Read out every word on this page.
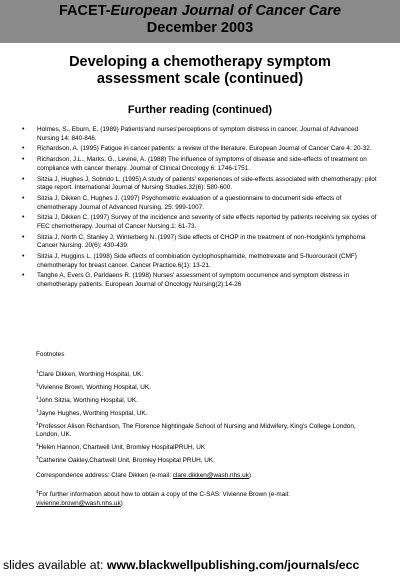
FACET-European Journal of Cancer Care
December 2003
Developing a chemotherapy symptom
assessment scale (continued)
Further reading (continued)
• Holmes, S., Eburn, E. (1989) Patients'and nurses'perceptions of symptom distress in cancer. Journal of Advanced Nursing 14: 840-846.
• Richardson, A. (1995) Fatigue in cancer patients: a review of the literature. European Journal of Cancer Care 4: 20-32.
• Richardson, J.L., Marks, G., Levine, A. (1988) The influence of symptoms of disease and side-effects of treatment on compliance with cancer therapy. Journal of Clinical Oncology 6: 1746-1751.
• Sitzia J, Hughes J, Sobrido L. (1995) A study of patients' experiences of side-effects associated with chemotherapy: pilot stage report. International Journal of Nursing Studies.32(6): 580-600.
• Sitzia J, Dikken C, Hughes J. (1997) Psychometric evaluation of a questionnaire to document side effects of chemotherapy Journal of Advanced Nursing. 25: 999-1007.
• Sitzia J, Dikken C. (1997) Survey of the incidence and severity of side effects reported by patients receiving six cycles of FEC chemotherapy. Journal of Cancer Nursing.1: 61-73.
• Sitzia J, North C, Stanley J, Winterberg N. (1997) Side effects of CHOP in the treatment of non-Hodgkin's lymphoma Cancer Nursing. 20(6): 430-439.
• Sitzia J, Huggins L. (1998) Side effects of combination cyclophosphamide, methotrexate and 5-fluorouracil (CMF) chemotherapy for breast cancer. Cancer Practice.6(1): 13-21.
• Tanghe A, Evers G, Parldaens R. (1998) Nurses' assessment of symptom occurrence and symptom distress in chemotherapy patients. European Journal of Oncology Nursing(2):14-26
Footnotes
$^1$Clare Dikken, Worthing Hospital, UK.
$^1$Vivienne Brown, Worthing Hospital, UK.
$^1$John Sitzia, Worthing Hospital, UK.
$^1$Jayne Hughes, Worthing Hospital, UK.
$^2$Professor Alison Richardson, The Florence Nightingale School of Nursing and Midwifery, King's College London, London, UK.
$^3$Helen Hannon, Chartwell Unit, Bromley HospitalPRUH, UK
$^3$Catherine Oakley,Chartwell Unit, Bromley Hospital PRUH, UK.
Correspondence address: Clare Dikken (e-mail: clare.dikken@wash.nhs.uk)
$^4$For further information about how to obtain a copy of the C-SAS: Vivienne Brown (e-mail: vivienne.brown@wash.nhs.uk)
slides available at: www.blackwellpublishing.com/journals/ecc
